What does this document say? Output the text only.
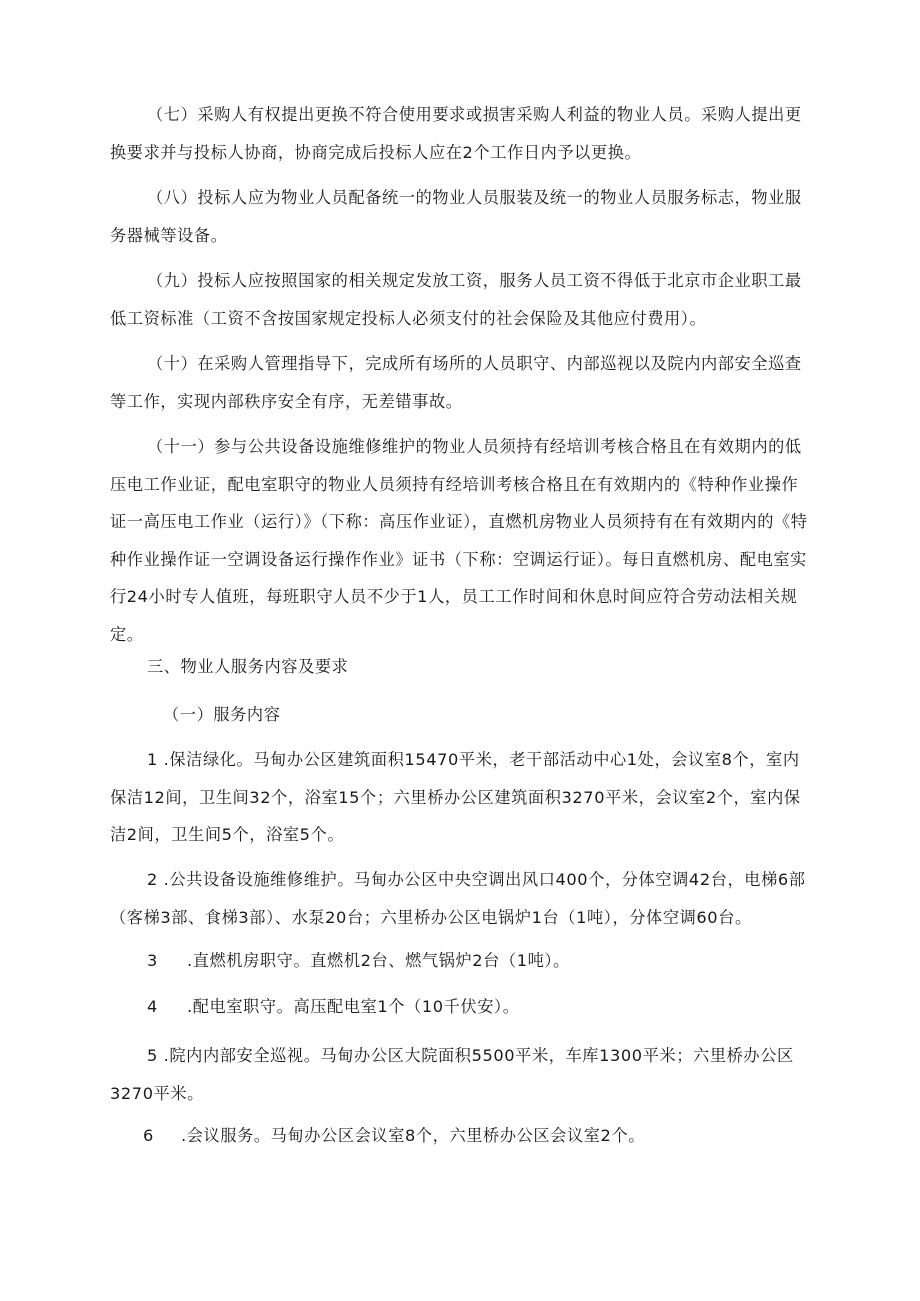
（七）采购人有权提出更换不符合使用要求或损害采购人利益的物业人员。采购人提出更换要求并与投标人协商，协商完成后投标人应在2个工作日内予以更换。

（八）投标人应为物业人员配备统一的物业人员服装及统一的物业人员服务标志，物业服务器械等设备。

（九）投标人应按照国家的相关规定发放工资，服务人员工资不得低于北京市企业职工最低工资标准（工资不含按国家规定投标人必须支付的社会保险及其他应付费用）。

（十）在采购人管理指导下，完成所有场所的人员职守、内部巡视以及院内内部安全巡查等工作，实现内部秩序安全有序，无差错事故。

（十一）参与公共设备设施维修维护的物业人员须持有经培训考核合格且在有效期内的低压电工作业证，配电室职守的物业人员须持有经培训考核合格且在有效期内的《特种作业操作证一高压电工作业（运行）》（下称：高压作业证），直燃机房物业人员须持有在有效期内的《特种作业操作证一空调设备运行操作作业》证书（下称：空调运行证）。每日直燃机房、配电室实行24小时专人值班，每班职守人员不少于1人，员工工作时间和休息时间应符合劳动法相关规定。

三、物业人服务内容及要求

（一）服务内容

1 .保洁绿化。马甸办公区建筑面积15470平米，老干部活动中心1处，会议室8个，室内保洁12间，卫生间32个，浴室15个；六里桥办公区建筑面积3270平米，会议室2个，室内保洁2间，卫生间5个，浴室5个。

2 .公共设备设施维修维护。马甸办公区中央空调出风口400个，分体空调42台，电梯6部（客梯3部、食梯3部）、水泵20台；六里桥办公区电锅炉1台（1吨），分体空调60台。

3 .直燃机房职守。直燃机2台、燃气锅炉2台（1吨）。

4 .配电室职守。高压配电室1个（10千伏安）。

5 .院内内部安全巡视。马甸办公区大院面积5500平米，车库1300平米；六里桥办公区3270平米。

6 .会议服务。马甸办公区会议室8个，六里桥办公区会议室2个。
